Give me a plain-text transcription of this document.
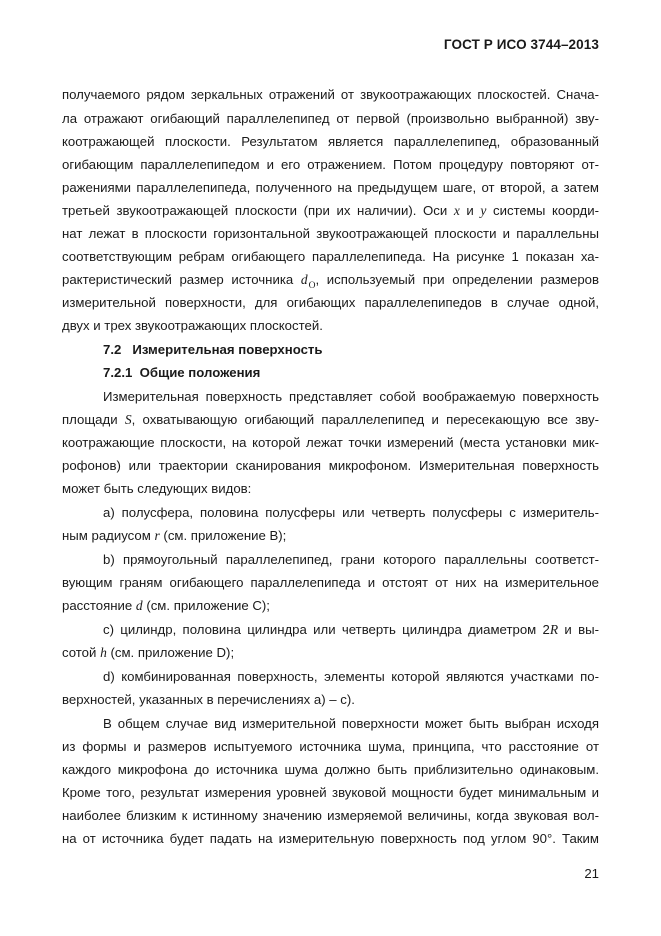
ГОСТ Р ИСО 3744–2013
получаемого рядом зеркальных отражений от звукоотражающих плоскостей. Снача-
ла отражают огибающий параллелепипед от первой (произвольно выбранной) зву-
коотражающей плоскости. Результатом является параллелепипед, образованный
огибающим параллелепипедом и его отражением. Потом процедуру повторяют от-
ражениями параллелепипеда, полученного на предыдущем шаге, от второй, а затем
третьей звукоотражающей плоскости (при их наличии). Оси x и y системы коорди-
нат лежат в плоскости горизонтальной звукоотражающей плоскости и параллельны
соответствующим ребрам огибающего параллелепипеда. На рисунке 1 показан ха-
рактеристический размер источника $d_O$, используемый при определении размеров
измерительной поверхности, для огибающих параллелепипедов в случае одной,
двух и трех звукоотражающих плоскостей.
7.2 Измерительная поверхность
7.2.1 Общие положения
Измерительная поверхность представляет собой воображаемую поверхность
площади S, охватывающую огибающий параллелепипед и пересекающую все зву-
коотражающие плоскости, на которой лежат точки измерений (места установки мик-
рофонов) или траектории сканирования микрофоном. Измерительная поверхность
может быть следующих видов:
а) полусфера, половина полусферы или четверть полусферы с измеритель-
ным радиусом r (см. приложение B);
b) прямоугольный параллелепипед, грани которого параллельны соответст-
вующим граням огибающего параллелепипеда и отстоят от них на измерительное
расстояние d (см. приложение C);
с) цилиндр, половина цилиндра или четверть цилиндра диаметром 2R и вы-
сотой h (см. приложение D);
d) комбинированная поверхность, элементы которой являются участками по-
верхностей, указанных в перечислениях а) – с).
В общем случае вид измерительной поверхности может быть выбран исходя
из формы и размеров испытуемого источника шума, принципа, что расстояние от
каждого микрофона до источника шума должно быть приблизительно одинаковым.
Кроме того, результат измерения уровней звуковой мощности будет минимальным и
наиболее близким к истинному значению измеряемой величины, когда звуковая вол-
на от источника будет падать на измерительную поверхность под углом 90°. Таким
21
